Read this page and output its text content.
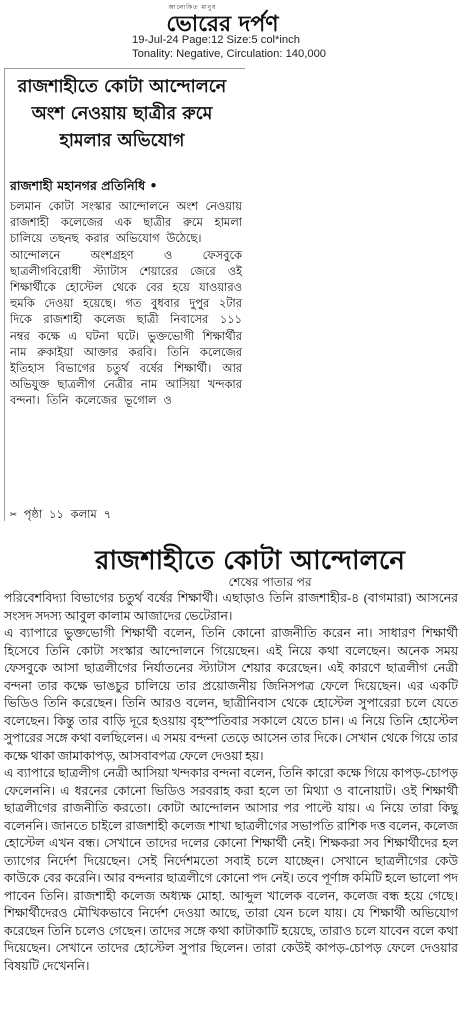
আলোকিত মানুষ
ভোরের দর্পণ
19-Jul-24 Page:12 Size:5 col*inch
Tonality: Negative, Circulation: 140,000
রাজশাহীতে কোটা আন্দোলনে
অংশ নেওয়ায় ছাত্রীর রুমে
হামলার অভিযোগ
রাজশাহী মহানগর প্রতিনিধি •

চলমান কোটা সংস্কার আন্দোলনে অংশ নেওয়ায় রাজশাহী কলেজের এক ছাত্রীর রুমে হামলা চালিয়ে তছনছ করার অভিযোগ উঠেছে।

আন্দোলনে অংশগ্রহণ ও ফেসবুকে ছাত্রলীগবিরোধী স্ট্যাটাস শেয়ারের জেরে ওই শিক্ষার্থীকে হোস্টেল থেকে বের হয়ে যাওয়ারও হুমকি দেওয়া হয়েছে। গত বুধবার দুপুর ২টার দিকে রাজশাহী কলেজ ছাত্রী নিবাসের ১১১ নম্বর কক্ষে এ ঘটনা ঘটে। ভুক্তভোগী শিক্ষার্থীর নাম রুকাইয়া আক্তার করবি। তিনি কলেজের ইতিহাস বিভাগের চতুর্থ বর্ষের শিক্ষার্থী। আর অভিযুক্ত ছাত্রলীগ নেত্রীর নাম আসিয়া খন্দকার বন্দনা। তিনি কলেজের ভূগোল ও

✂ পৃষ্ঠা ১১ কলাম ৭
রাজশাহীতে কোটা আন্দোলনে
শেষের পাতার পর

পরিবেশবিদ্যা বিভাগের চতুর্থ বর্ষের শিক্ষার্থী। এছাড়াও তিনি রাজশাহীর-৪ (বাগমারা) আসনের সংসদ সদস্য আবুল কালাম আজাদের ভেটেরান।

এ ব্যাপারে ভুক্তভোগী শিক্ষার্থী বলেন, তিনি কোনো রাজনীতি করেন না। সাধারণ শিক্ষার্থী হিসেবে তিনি কোটা সংস্কার আন্দোলনে গিয়েছেন। এই নিয়ে কথা বলেছেন। অনেক সময় ফেসবুকে আসা ছাত্রলীগের নির্যাতনের স্ট্যাটাস শেয়ার করেছেন। এই কারণে ছাত্রলীগ নেত্রী বন্দনা তার কক্ষে ভাঙচুর চালিয়ে তার প্রয়োজনীয় জিনিসপত্র ফেলে দিয়েছেন। এর একটি ভিডিও তিনি করেছেন। তিনি আরও বলেন, ছাত্রীনিবাস থেকে হোস্টেল সুপারেরা চলে যেতে বলেছেন। কিন্তু তার বাড়ি দূরে হওয়ায় বৃহস্পতিবার সকালে যেতে চান। এ নিয়ে তিনি হোস্টেল সুপারের সঙ্গে কথা বলছিলেন। এ সময় বন্দনা তেড়ে আসেন তার দিকে। সেখান থেকে গিয়ে তার কক্ষে থাকা জামাকাপড়, আসবাবপত্র ফেলে দেওয়া হয়।

এ ব্যাপারে ছাত্রলীগ নেত্রী আসিয়া খন্দকার বন্দনা বলেন, তিনি কারো কক্ষে গিয়ে কাপড়-চোপড় ফেলেননি। এ ধরনের কোনো ভিডিও সরবরাহ করা হলে তা মিথ্যা ও বানোয়াট। ওই শিক্ষার্থী ছাত্রলীগের রাজনীতি করতো। কোটা আন্দোলন আসার পর পাল্টে যায়। এ নিয়ে তারা কিছু বলেননি। জানতে চাইলে রাজশাহী কলেজ শাখা ছাত্রলীগের সভাপতি রাশিক দত্ত বলেন, কলেজ হোস্টেল এখন বন্ধ। সেখানে তাদের দলের কোনো শিক্ষার্থী নেই। শিক্ষকরা সব শিক্ষার্থীদের হল ত্যাগের নির্দেশ দিয়েছেন। সেই নির্দেশমতো সবাই চলে যাচ্ছেন। সেখানে ছাত্রলীগের কেউ কাউকে বের করেনি। আর বন্দনার ছাত্রলীগে কোনো পদ নেই। তবে পূর্ণাঙ্গ কমিটি হলে ভালো পদ পাবেন তিনি। রাজশাহী কলেজ অধ্যক্ষ মোহা. আব্দুল খালেক বলেন, কলেজ বন্ধ হয়ে গেছে। শিক্ষার্থীদেরও মৌখিকভাবে নির্দেশ দেওয়া আছে, তারা যেন চলে যায়। যে শিক্ষার্থী অভিযোগ করেছেন তিনি চলেও গেছেন। তাদের সঙ্গে কথা কাটাকাটি হয়েছে, তারাও চলে যাবেন বলে কথা দিয়েছেন। সেখানে তাদের হোস্টেল সুপার ছিলেন। তারা কেউই কাপড়-চোপড় ফেলে দেওয়ার বিষয়টি দেখেননি।
